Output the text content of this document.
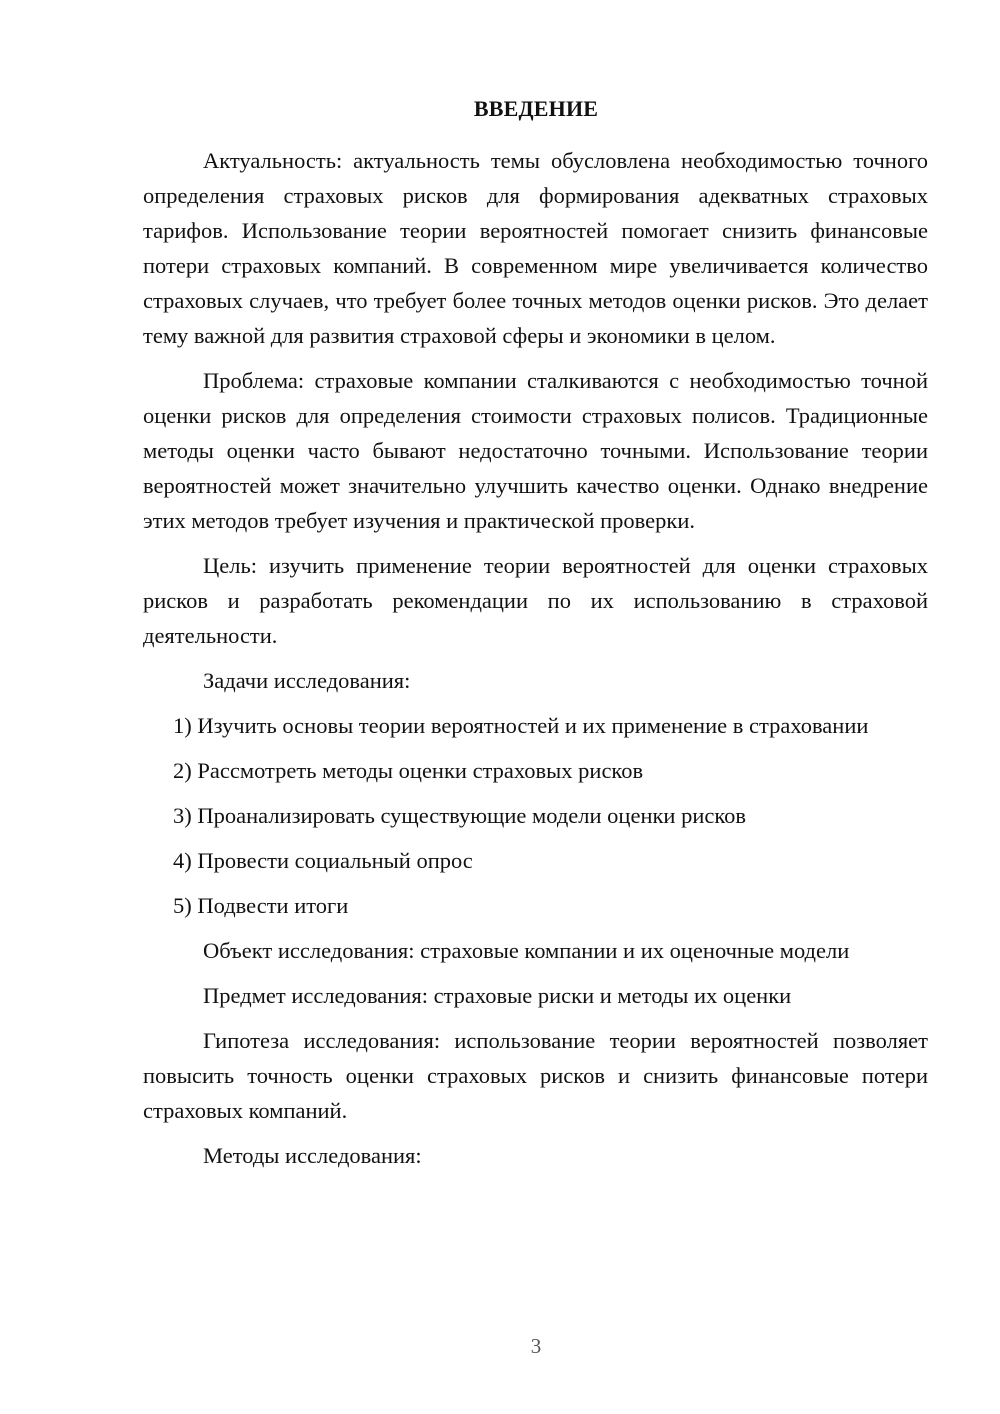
ВВЕДЕНИЕ

Актуальность: актуальность темы обусловлена необходимостью точного определения страховых рисков для формирования адекватных страховых тарифов. Использование теории вероятностей помогает снизить финансовые потери страховых компаний. В современном мире увеличивается количество страховых случаев, что требует более точных методов оценки рисков. Это делает тему важной для развития страховой сферы и экономики в целом.

Проблема: страховые компании сталкиваются с необходимостью точной оценки рисков для определения стоимости страховых полисов. Традиционные методы оценки часто бывают недостаточно точными. Использование теории вероятностей может значительно улучшить качество оценки. Однако внедрение этих методов требует изучения и практической проверки.

Цель: изучить применение теории вероятностей для оценки страховых рисков и разработать рекомендации по их использованию в страховой деятельности.

Задачи исследования:

1) Изучить основы теории вероятностей и их применение в страховании

2) Рассмотреть методы оценки страховых рисков

3) Проанализировать существующие модели оценки рисков

4) Провести социальный опрос

5) Подвести итоги

Объект исследования: страховые компании и их оценочные модели

Предмет исследования: страховые риски и методы их оценки

Гипотеза исследования: использование теории вероятностей позволяет повысить точность оценки страховых рисков и снизить финансовые потери страховых компаний.

Методы исследования:

3
